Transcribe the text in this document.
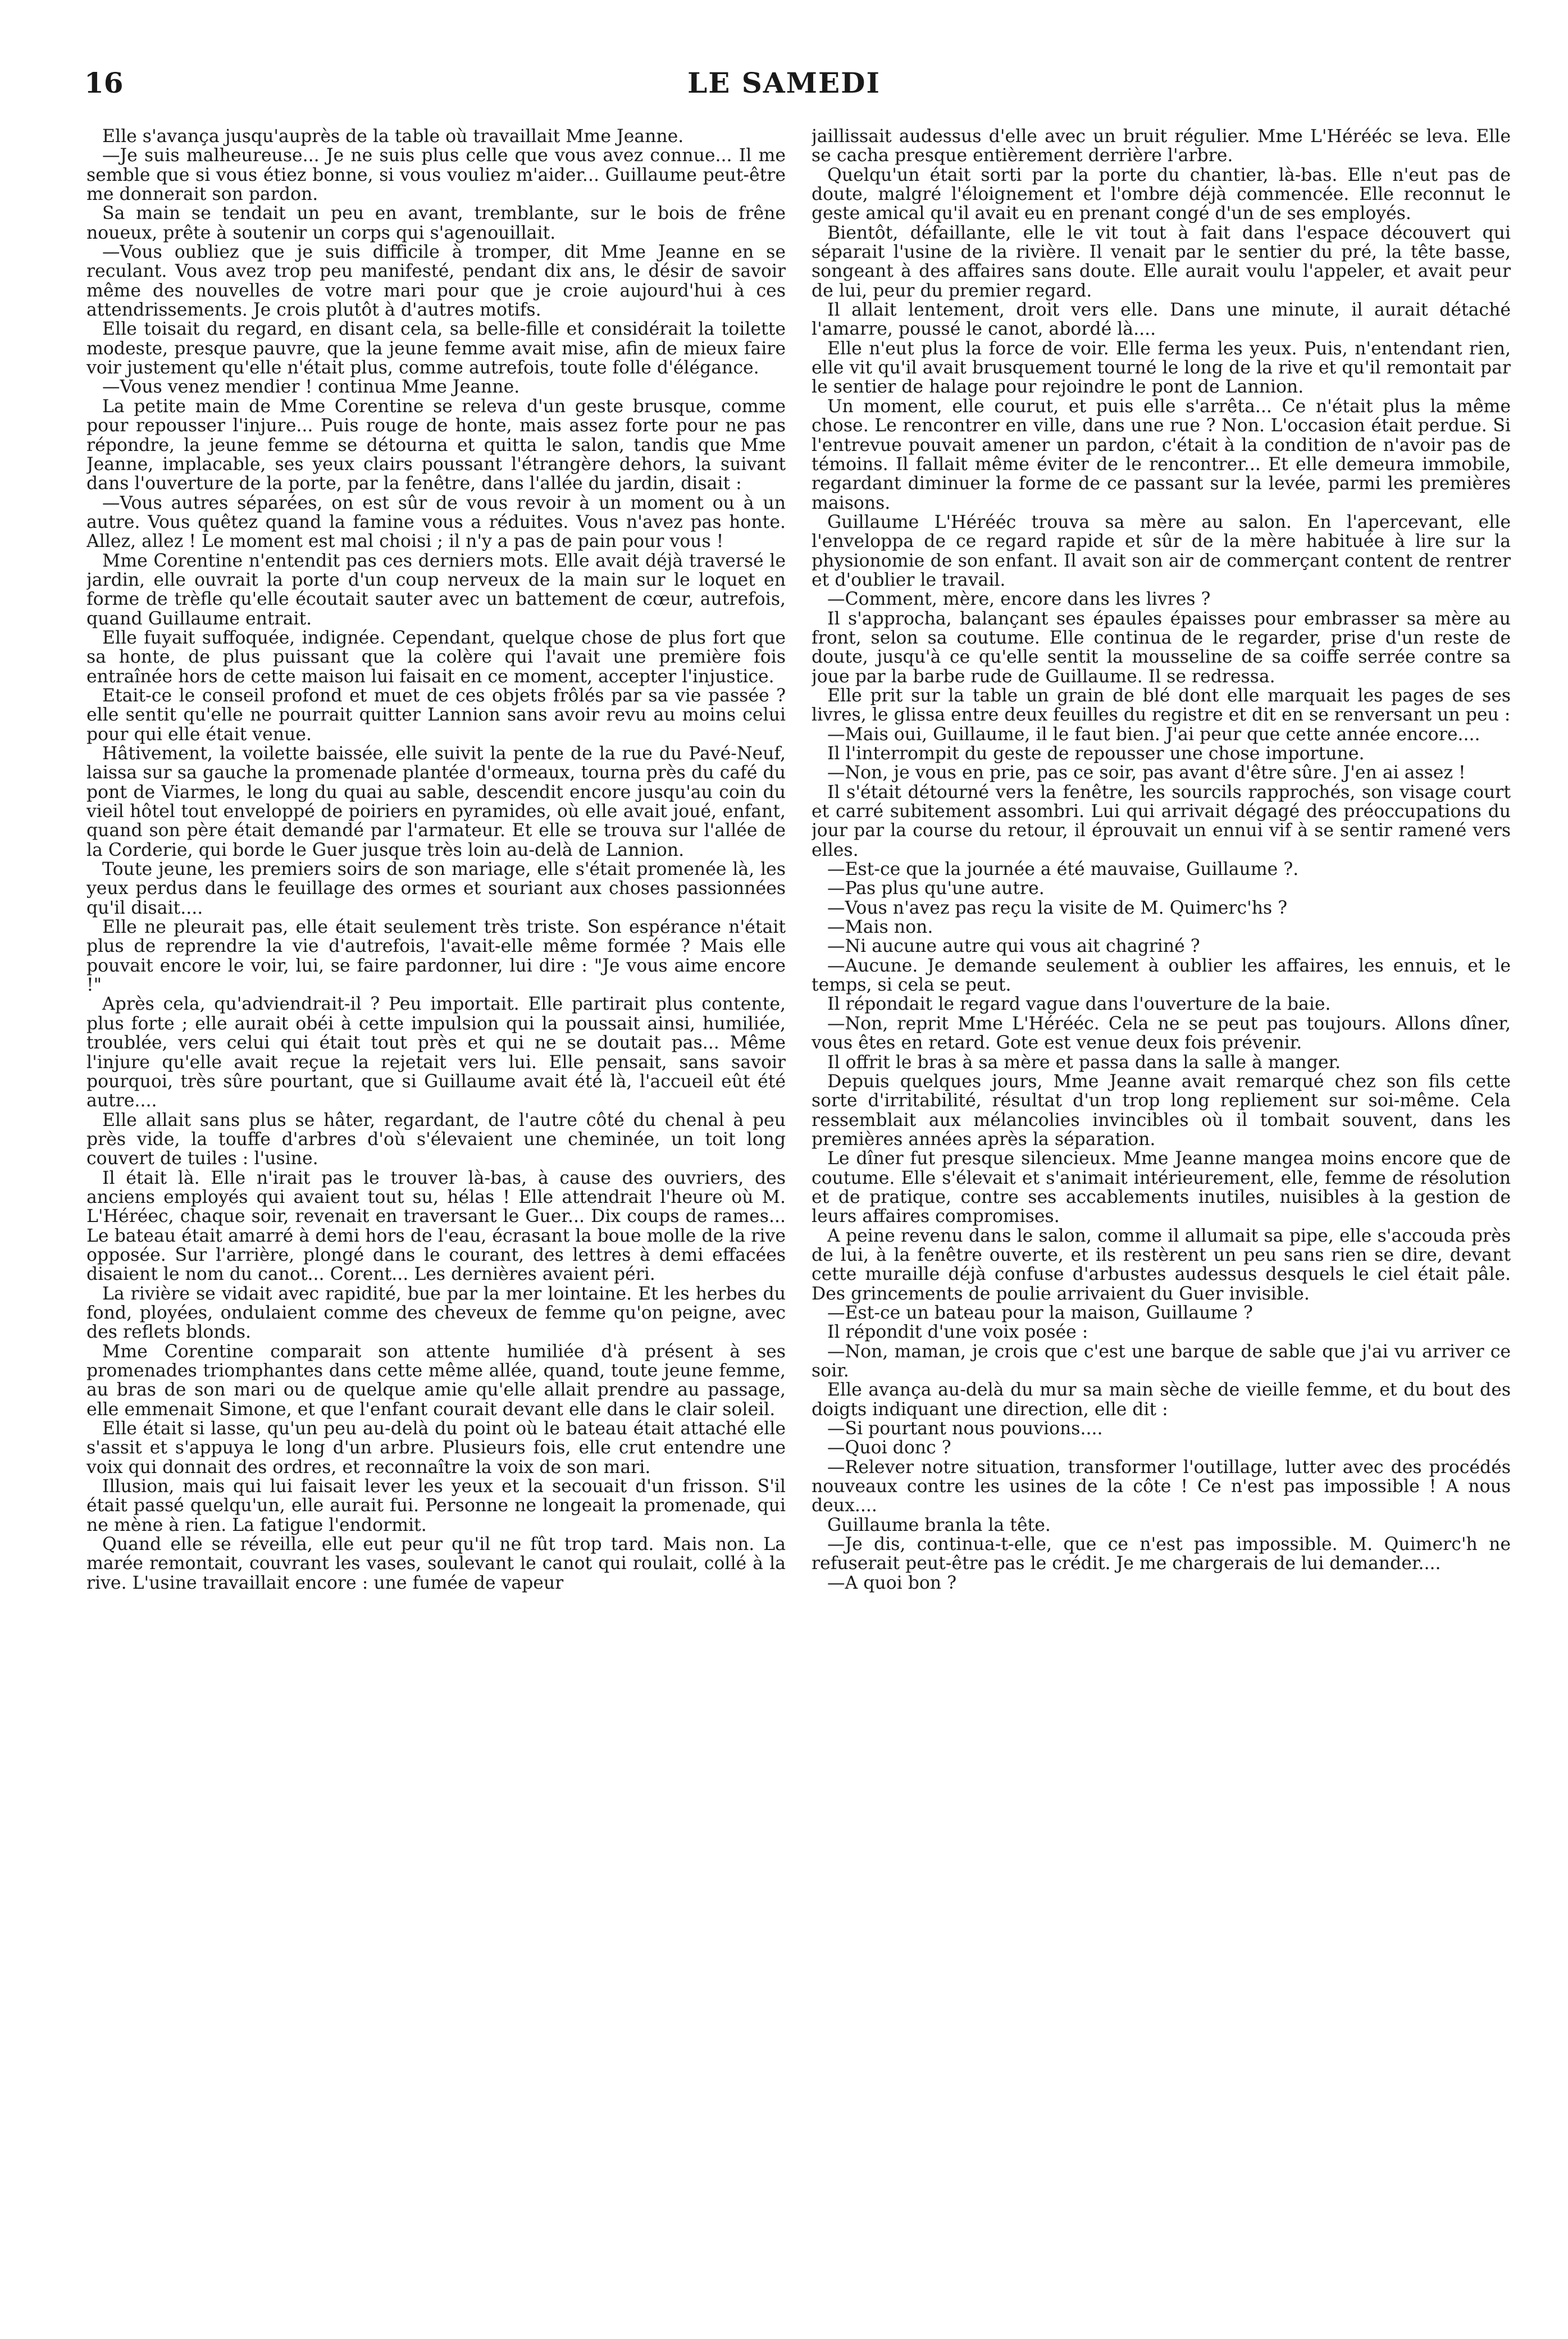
16	LE SAMEDI

Elle s'avança jusqu'auprès de la table où travaillait Mme Jeanne.

—Je suis malheureuse... Je ne suis plus celle que vous avez connue... Il me semble que si vous étiez bonne, si vous vouliez m'aider... Guillaume peut-être me donnerait son pardon.

Sa main se tendait un peu en avant, tremblante, sur le bois de frêne noueux, prête à soutenir un corps qui s'agenouillait.

—Vous oubliez que je suis difficile à tromper, dit Mme Jeanne en se reculant. Vous avez trop peu manifesté, pendant dix ans, le désir de savoir même des nouvelles de votre mari pour que je croie aujourd'hui à ces attendrissements. Je crois plutôt à d'autres motifs.

Elle toisait du regard, en disant cela, sa belle-fille et considérait la toilette modeste, presque pauvre, que la jeune femme avait mise, afin de mieux faire voir justement qu'elle n'était plus, comme autrefois, toute folle d'élégance.

—Vous venez mendier ! continua Mme Jeanne.

La petite main de Mme Corentine se releva d'un geste brusque, comme pour repousser l'injure... Puis rouge de honte, mais assez forte pour ne pas répondre, la jeune femme se détourna et quitta le salon, tandis que Mme Jeanne, implacable, ses yeux clairs poussant l'étrangère dehors, la suivant dans l'ouverture de la porte, par la fenêtre, dans l'allée du jardin, disait :

—Vous autres séparées, on est sûr de vous revoir à un moment ou à un autre. Vous quêtez quand la famine vous a réduites. Vous n'avez pas honte. Allez, allez ! Le moment est mal choisi ; il n'y a pas de pain pour vous !

Mme Corentine n'entendit pas ces derniers mots. Elle avait déjà traversé le jardin, elle ouvrait la porte d'un coup nerveux de la main sur le loquet en forme de trèfle qu'elle écoutait sauter avec un battement de cœur, autrefois, quand Guillaume entrait.

Elle fuyait suffoquée, indignée. Cependant, quelque chose de plus fort que sa honte, de plus puissant que la colère qui l'avait une première fois entraînée hors de cette maison lui faisait en ce moment, accepter l'injustice.

Etait-ce le conseil profond et muet de ces objets frôlés par sa vie passée ? elle sentit qu'elle ne pourrait quitter Lannion sans avoir revu au moins celui pour qui elle était venue.

Hâtivement, la voilette baissée, elle suivit la pente de la rue du Pavé-Neuf, laissa sur sa gauche la promenade plantée d'ormeaux, tourna près du café du pont de Viarmes, le long du quai au sable, descendit encore jusqu'au coin du vieil hôtel tout enveloppé de poiriers en pyramides, où elle avait joué, enfant, quand son père était demandé par l'armateur. Et elle se trouva sur l'allée de la Corderie, qui borde le Guer jusque très loin au-delà de Lannion.

Toute jeune, les premiers soirs de son mariage, elle s'était promenée là, les yeux perdus dans le feuillage des ormes et souriant aux choses passionnées qu'il disait....

Elle ne pleurait pas, elle était seulement très triste. Son espérance n'était plus de reprendre la vie d'autrefois, l'avait-elle même formée ? Mais elle pouvait encore le voir, lui, se faire pardonner, lui dire : "Je vous aime encore !"

Après cela, qu'adviendrait-il ? Peu importait. Elle partirait plus contente, plus forte ; elle aurait obéi à cette impulsion qui la poussait ainsi, humiliée, troublée, vers celui qui était tout près et qui ne se doutait pas... Même l'injure qu'elle avait reçue la rejetait vers lui. Elle pensait, sans savoir pourquoi, très sûre pourtant, que si Guillaume avait été là, l'accueil eût été autre....

Elle allait sans plus se hâter, regardant, de l'autre côté du chenal à peu près vide, la touffe d'arbres d'où s'élevaient une cheminée, un toit long couvert de tuiles : l'usine.

Il était là. Elle n'irait pas le trouver là-bas, à cause des ouvriers, des anciens employés qui avaient tout su, hélas ! Elle attendrait l'heure où M. L'Héréec, chaque soir, revenait en traversant le Guer... Dix coups de rames... Le bateau était amarré à demi hors de l'eau, écrasant la boue molle de la rive opposée. Sur l'arrière, plongé dans le courant, des lettres à demi effacées disaient le nom du canot... Corent... Les dernières avaient péri.

La rivière se vidait avec rapidité, bue par la mer lointaine. Et les herbes du fond, ployées, ondulaient comme des cheveux de femme qu'on peigne, avec des reflets blonds.

Mme Corentine comparait son attente humiliée d'à présent à ses promenades triomphantes dans cette même allée, quand, toute jeune femme, au bras de son mari ou de quelque amie qu'elle allait prendre au passage, elle emmenait Simone, et que l'enfant courait devant elle dans le clair soleil.

Elle était si lasse, qu'un peu au-delà du point où le bateau était attaché elle s'assit et s'appuya le long d'un arbre. Plusieurs fois, elle crut entendre une voix qui donnait des ordres, et reconnaître la voix de son mari.

Illusion, mais qui lui faisait lever les yeux et la secouait d'un frisson. S'il était passé quelqu'un, elle aurait fui. Personne ne longeait la promenade, qui ne mène à rien. La fatigue l'endormit.

Quand elle se réveilla, elle eut peur qu'il ne fût trop tard. Mais non. La marée remontait, couvrant les vases, soulevant le canot qui roulait, collé à la rive. L'usine travaillait encore : une fumée de vapeur

jaillissait audessus d'elle avec un bruit régulier. Mme L'Hérééc se leva. Elle se cacha presque entièrement derrière l'arbre.

Quelqu'un était sorti par la porte du chantier, là-bas. Elle n'eut pas de doute, malgré l'éloignement et l'ombre déjà commencée. Elle reconnut le geste amical qu'il avait eu en prenant congé d'un de ses employés.

Bientôt, défaillante, elle le vit tout à fait dans l'espace découvert qui séparait l'usine de la rivière. Il venait par le sentier du pré, la tête basse, songeant à des affaires sans doute. Elle aurait voulu l'appeler, et avait peur de lui, peur du premier regard.

Il allait lentement, droit vers elle. Dans une minute, il aurait détaché l'amarre, poussé le canot, abordé là....

Elle n'eut plus la force de voir. Elle ferma les yeux. Puis, n'entendant rien, elle vit qu'il avait brusquement tourné le long de la rive et qu'il remontait par le sentier de halage pour rejoindre le pont de Lannion.

Un moment, elle courut, et puis elle s'arrêta... Ce n'était plus la même chose. Le rencontrer en ville, dans une rue ? Non. L'occasion était perdue. Si l'entrevue pouvait amener un pardon, c'était à la condition de n'avoir pas de témoins. Il fallait même éviter de le rencontrer... Et elle demeura immobile, regardant diminuer la forme de ce passant sur la levée, parmi les premières maisons.

Guillaume L'Hérééc trouva sa mère au salon. En l'apercevant, elle l'enveloppa de ce regard rapide et sûr de la mère habituée à lire sur la physionomie de son enfant. Il avait son air de commerçant content de rentrer et d'oublier le travail.

—Comment, mère, encore dans les livres ?

Il s'approcha, balançant ses épaules épaisses pour embrasser sa mère au front, selon sa coutume. Elle continua de le regarder, prise d'un reste de doute, jusqu'à ce qu'elle sentit la mousseline de sa coiffe serrée contre sa joue par la barbe rude de Guillaume. Il se redressa.

Elle prit sur la table un grain de blé dont elle marquait les pages de ses livres, le glissa entre deux feuilles du registre et dit en se renversant un peu :

—Mais oui, Guillaume, il le faut bien. J'ai peur que cette année encore....

Il l'interrompit du geste de repousser une chose importune.

—Non, je vous en prie, pas ce soir, pas avant d'être sûre. J'en ai assez !

Il s'était détourné vers la fenêtre, les sourcils rapprochés, son visage court et carré subitement assombri. Lui qui arrivait dégagé des préoccupations du jour par la course du retour, il éprouvait un ennui vif à se sentir ramené vers elles.

—Est-ce que la journée a été mauvaise, Guillaume ?.

—Pas plus qu'une autre.

—Vous n'avez pas reçu la visite de M. Quimerc'hs ?

—Mais non.

—Ni aucune autre qui vous ait chagriné ?

—Aucune. Je demande seulement à oublier les affaires, les ennuis, et le temps, si cela se peut.

Il répondait le regard vague dans l'ouverture de la baie.

—Non, reprit Mme L'Hérééc. Cela ne se peut pas toujours. Allons dîner, vous êtes en retard. Gote est venue deux fois prévenir.

Il offrit le bras à sa mère et passa dans la salle à manger.

Depuis quelques jours, Mme Jeanne avait remarqué chez son fils cette sorte d'irritabilité, résultat d'un trop long repliement sur soi-même. Cela ressemblait aux mélancolies invincibles où il tombait souvent, dans les premières années après la séparation.

Le dîner fut presque silencieux. Mme Jeanne mangea moins encore que de coutume. Elle s'élevait et s'animait intérieurement, elle, femme de résolution et de pratique, contre ses accablements inutiles, nuisibles à la gestion de leurs affaires compromises.

A peine revenu dans le salon, comme il allumait sa pipe, elle s'accouda près de lui, à la fenêtre ouverte, et ils restèrent un peu sans rien se dire, devant cette muraille déjà confuse d'arbustes audessus desquels le ciel était pâle. Des grincements de poulie arrivaient du Guer invisible.

—Est-ce un bateau pour la maison, Guillaume ?

Il répondit d'une voix posée :

—Non, maman, je crois que c'est une barque de sable que j'ai vu arriver ce soir.

Elle avança au-delà du mur sa main sèche de vieille femme, et du bout des doigts indiquant une direction, elle dit :

—Si pourtant nous pouvions....

—Quoi donc ?

—Relever notre situation, transformer l'outillage, lutter avec des procédés nouveaux contre les usines de la côte ! Ce n'est pas impossible ! A nous deux....

Guillaume branla la tête.

—Je dis, continua-t-elle, que ce n'est pas impossible. M. Quimerc'h ne refuserait peut-être pas le crédit. Je me chargerais de lui demander....

—A quoi bon ?
